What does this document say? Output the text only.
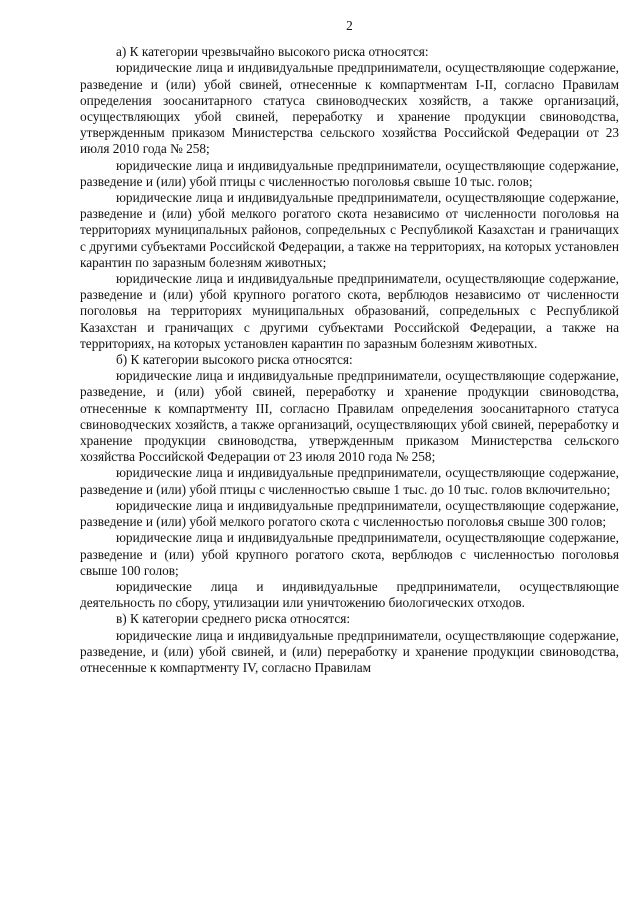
2

а) К категории чрезвычайно высокого риска относятся:

юридические лица и индивидуальные предприниматели, осуществляющие содержание, разведение и (или) убой свиней, отнесенные к компартментам I-II, согласно Правилам определения зоосанитарного статуса свиноводческих хозяйств, а также организаций, осуществляющих убой свиней, переработку и хранение продукции свиноводства, утвержденным приказом Министерства сельского хозяйства Российской Федерации от 23 июля 2010 года № 258;

юридические лица и индивидуальные предприниматели, осуществляющие содержание, разведение и (или) убой птицы с численностью поголовья свыше 10 тыс. голов;

юридические лица и индивидуальные предприниматели, осуществляющие содержание, разведение и (или) убой мелкого рогатого скота независимо от численности поголовья на территориях муниципальных районов, сопредельных с Республикой Казахстан и граничащих с другими субъектами Российской Федерации, а также на территориях, на которых установлен карантин по заразным болезням животных;

юридические лица и индивидуальные предприниматели, осуществляющие содержание, разведение и (или) убой крупного рогатого скота, верблюдов независимо от численности поголовья на территориях муниципальных образований, сопредельных с Республикой Казахстан и граничащих с другими субъектами Российской Федерации, а также на территориях, на которых установлен карантин по заразным болезням животных.

б) К категории высокого риска относятся:

юридические лица и индивидуальные предприниматели, осуществляющие содержание, разведение, и (или) убой свиней, переработку и хранение продукции свиноводства, отнесенные к компартменту III, согласно Правилам определения зоосанитарного статуса свиноводческих хозяйств, а также организаций, осуществляющих убой свиней, переработку и хранение продукции свиноводства, утвержденным приказом Министерства сельского хозяйства Российской Федерации от 23 июля 2010 года № 258;

юридические лица и индивидуальные предприниматели, осуществляющие содержание, разведение и (или) убой птицы с численностью свыше 1 тыс. до 10 тыс. голов включительно;

юридические лица и индивидуальные предприниматели, осуществляющие содержание, разведение и (или) убой мелкого рогатого скота с численностью поголовья свыше 300 голов;

юридические лица и индивидуальные предприниматели, осуществляющие содержание, разведение и (или) убой крупного рогатого скота, верблюдов с численностью поголовья свыше 100 голов;

юридические лица и индивидуальные предприниматели, осуществляющие деятельность по сбору, утилизации или уничтожению биологических отходов.

в) К категории среднего риска относятся:

юридические лица и индивидуальные предприниматели, осуществляющие содержание, разведение, и (или) убой свиней, и (или) переработку и хранение продукции свиноводства, отнесенные к компартменту IV, согласно Правилам
